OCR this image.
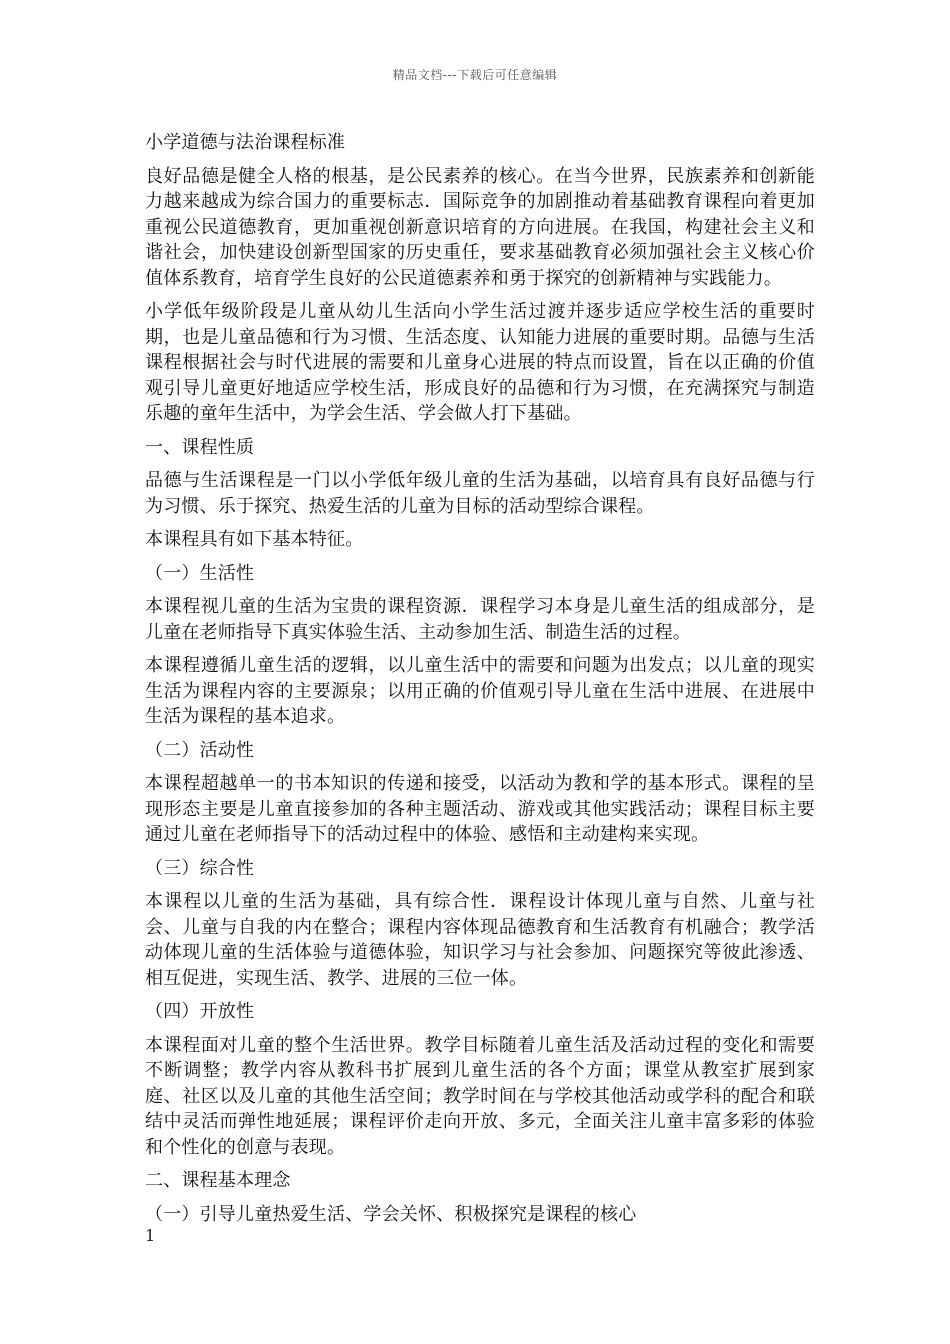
精品文档---下载后可任意编辑

小学道德与法治课程标准

良好品德是健全人格的根基，是公民素养的核心。在当今世界，民族素养和创新能力越来越成为综合国力的重要标志．国际竞争的加剧推动着基础教育课程向着更加重视公民道德教育，更加重视创新意识培育的方向进展。在我国，构建社会主义和谐社会，加快建设创新型国家的历史重任，要求基础教育必须加强社会主义核心价值体系教育，培育学生良好的公民道德素养和勇于探究的创新精神与实践能力。

小学低年级阶段是儿童从幼儿生活向小学生活过渡并逐步适应学校生活的重要时期，也是儿童品德和行为习惯、生活态度、认知能力进展的重要时期。品德与生活课程根据社会与时代进展的需要和儿童身心进展的特点而设置，旨在以正确的价值观引导儿童更好地适应学校生活，形成良好的品德和行为习惯，在充满探究与制造乐趣的童年生活中，为学会生活、学会做人打下基础。

一、课程性质

品德与生活课程是一门以小学低年级儿童的生活为基础，以培育具有良好品德与行为习惯、乐于探究、热爱生活的儿童为目标的活动型综合课程。

本课程具有如下基本特征。

（一）生活性

本课程视儿童的生活为宝贵的课程资源．课程学习本身是儿童生活的组成部分，是儿童在老师指导下真实体验生活、主动参加生活、制造生活的过程。

本课程遵循儿童生活的逻辑，以儿童生活中的需要和问题为出发点；以儿童的现实生活为课程内容的主要源泉；以用正确的价值观引导儿童在生活中进展、在进展中生活为课程的基本追求。

（二）活动性

本课程超越单一的书本知识的传递和接受，以活动为教和学的基本形式。课程的呈现形态主要是儿童直接参加的各种主题活动、游戏或其他实践活动；课程目标主要通过儿童在老师指导下的活动过程中的体验、感悟和主动建构来实现。

（三）综合性

本课程以儿童的生活为基础，具有综合性．课程设计体现儿童与自然、儿童与社会、儿童与自我的内在整合；课程内容体现品德教育和生活教育有机融合；教学活动体现儿童的生活体验与道德体验，知识学习与社会参加、问题探究等彼此渗透、相互促进，实现生活、教学、进展的三位一体。

（四）开放性

本课程面对儿童的整个生活世界。教学目标随着儿童生活及活动过程的变化和需要不断调整；教学内容从教科书扩展到儿童生活的各个方面；课堂从教室扩展到家庭、社区以及儿童的其他生活空间；教学时间在与学校其他活动或学科的配合和联结中灵活而弹性地延展；课程评价走向开放、多元，全面关注儿童丰富多彩的体验和个性化的创意与表现。

二、课程基本理念

（一）引导儿童热爱生活、学会关怀、积极探究是课程的核心

1
